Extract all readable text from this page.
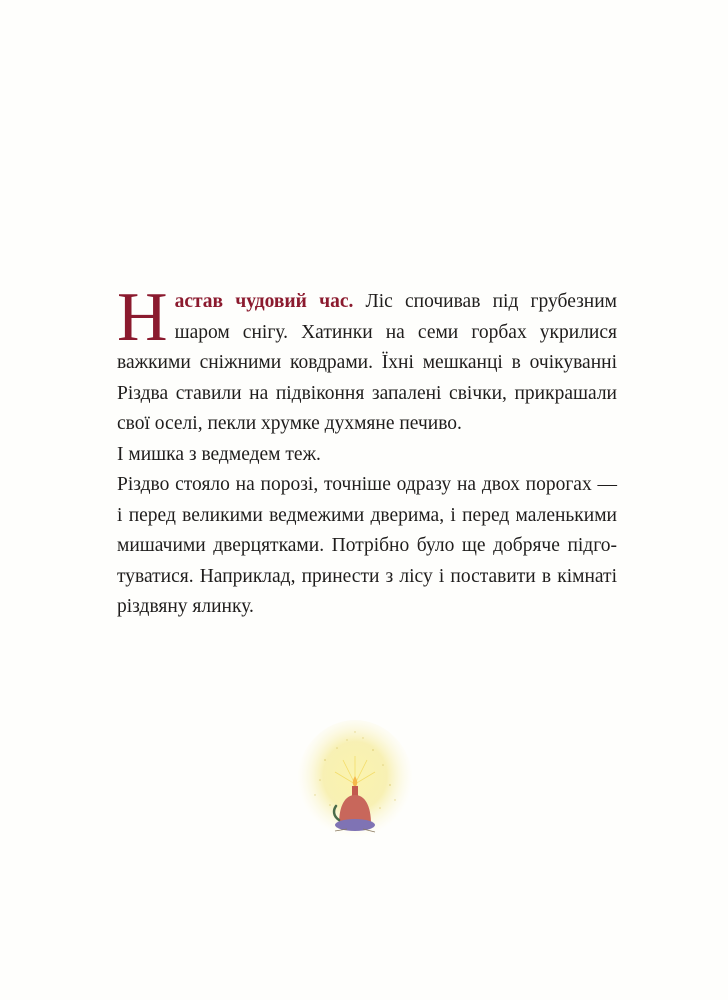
Настав чудовий час. Ліс спочивав під грубезним шаром снігу. Хатинки на семи горбах укрилися важкими сніжними ковдрами. Їхні мешканці в очікуванні Різдва ставили на підвіконня запалені свічки, прикрашали свої оселі, пекли хрумке духмяне печиво.

І мишка з ведмедем теж.

Різдво стояло на порозі, точніше одразу на двох порогах — і перед великими ведмежими дверима, і перед маленькими мишачими дверцятками. Потрібно було ще добряче підготуватися. Наприклад, принести з лісу і поставити в кімнаті різдвяну ялинку.
